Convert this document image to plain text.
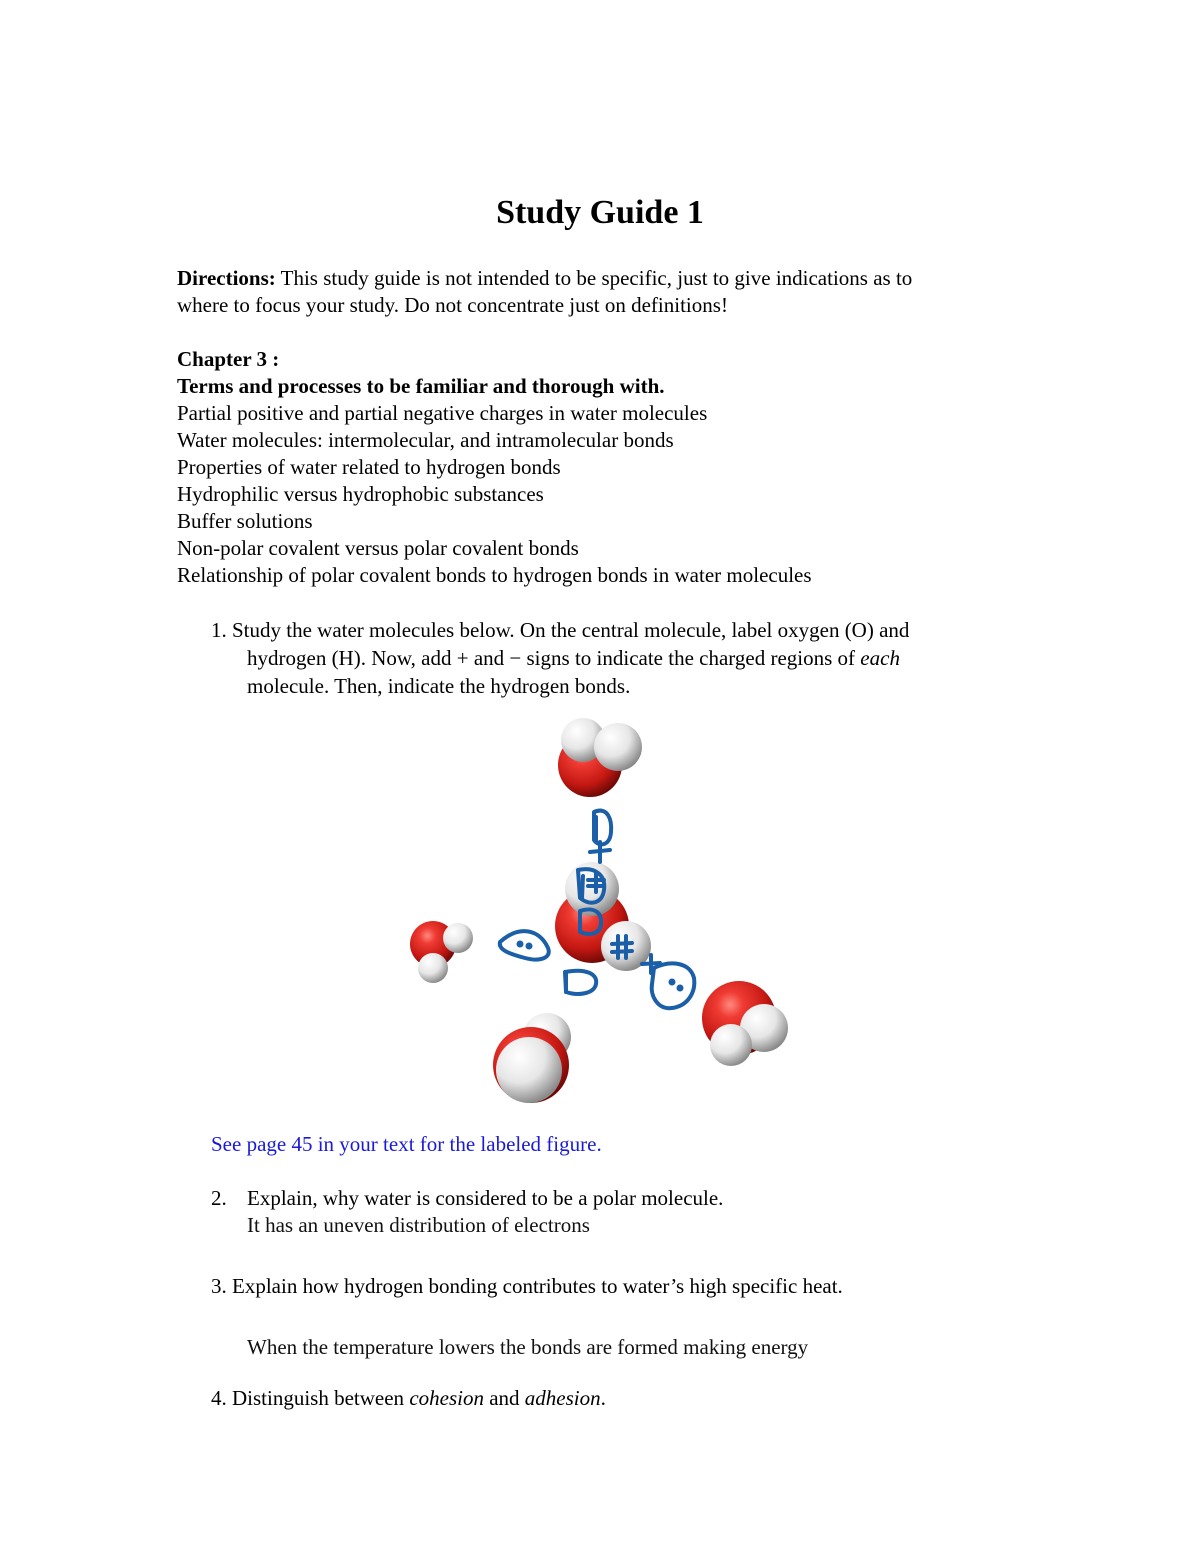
Study Guide 1
Directions: This study guide is not intended to be specific, just to give indications as to
where to focus your study. Do not concentrate just on definitions!
Chapter 3 :
Terms and processes to be familiar and thorough with.
Partial positive and partial negative charges in water molecules
Water molecules: intermolecular, and intramolecular bonds
Properties of water related to hydrogen bonds
Hydrophilic versus hydrophobic substances
Buffer solutions
Non-polar covalent versus polar covalent bonds
Relationship of polar covalent bonds to hydrogen bonds in water molecules
1. Study the water molecules below. On the central molecule, label oxygen (O) and
hydrogen (H). Now, add + and − signs to indicate the charged regions of each
molecule. Then, indicate the hydrogen bonds.
See page 45 in your text for the labeled figure.
2. Explain, why water is considered to be a polar molecule.
It has an uneven distribution of electrons
3. Explain how hydrogen bonding contributes to water’s high specific heat.
When the temperature lowers the bonds are formed making energy
4. Distinguish between cohesion and adhesion.
